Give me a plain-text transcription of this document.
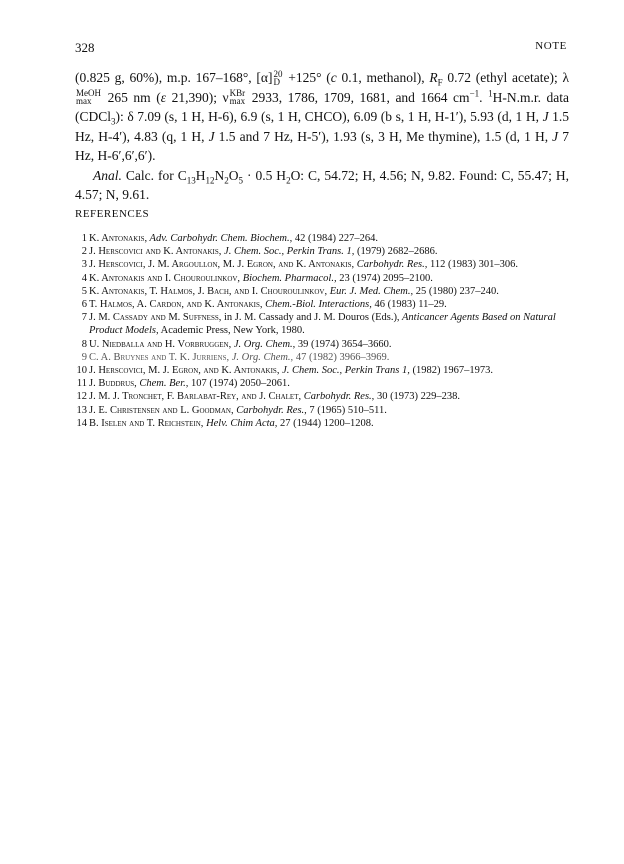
328	NOTE

(0.825 g, 60%), m.p. 167–168°, [α] 20
D +125° (c 0.1, methanol), $R_F$ 0.72 (ethyl acetate); λ
MeOH
max 265 nm (ε 21,390); ν KBr
max 2933, 1786, 1709, 1681, and 1664 $cm^{-1}$. $^1$H-N.m.r. data (CDCl$_3$): δ 7.09 (s, 1 H, H-6), 6.9 (s, 1 H, CHCO), 6.09 (b s, 1 H, H-1′), 5.93 (d, 1 H, J 1.5 Hz, H-4′), 4.83 (q, 1 H, J 1.5 and 7 Hz, H-5′), 1.93 (s, 3 H, Me thymine), 1.5 (d, 1 H, J 7 Hz, H-6′,6′,6′).

Anal. Calc. for $C_{13}H_{12}N_2O_5 \cdot 0.5$ $H_2O$: C, 54.72; H, 4.56; N, 9.82. Found: C, 55.47; H, 4.57; N, 9.61.

REFERENCES
1 K. Antonakis, Adv. Carbohydr. Chem. Biochem., 42 (1984) 227–264.
2 J. Herscovici and K. Antonakis, J. Chem. Soc., Perkin Trans. 1, (1979) 2682–2686.
3 J. Herscovici, J. M. Argoullon, M. J. Egron, and K. Antonakis, Carbohydr. Res., 112 (1983) 301–306.
4 K. Antonakis and I. Chouroulinkov, Biochem. Pharmacol., 23 (1974) 2095–2100.
5 K. Antonakis, T. Halmos, J. Bach, and I. Chouroulinkov, Eur. J. Med. Chem., 25 (1980) 237–240.
6 T. Halmos, A. Cardon, and K. Antonakis, Chem.-Biol. Interactions, 46 (1983) 11–29.
7 J. M. Cassady and M. Suffness, in J. M. Cassady and J. M. Douros (Eds.), Anticancer Agents Based on Natural Product Models, Academic Press, New York, 1980.
8 U. Niedballa and H. Vorbruggen, J. Org. Chem., 39 (1974) 3654–3660.
9 C. A. Bruynes and T. K. Jurriens, J. Org. Chem., 47 (1982) 3966–3969.
10 J. Herscovici, M. J. Egron, and K. Antonakis, J. Chem. Soc., Perkin Trans 1, (1982) 1967–1973.
11 J. Buddrus, Chem. Ber., 107 (1974) 2050–2061.
12 J. M. J. Tronchet, F. Barlabat-Rey, and J. Chalet, Carbohydr. Res., 30 (1973) 229–238.
13 J. E. Christensen and L. Goodman, Carbohydr. Res., 7 (1965) 510–511.
14 B. Iselen and T. Reichstein, Helv. Chim Acta, 27 (1944) 1200–1208.
